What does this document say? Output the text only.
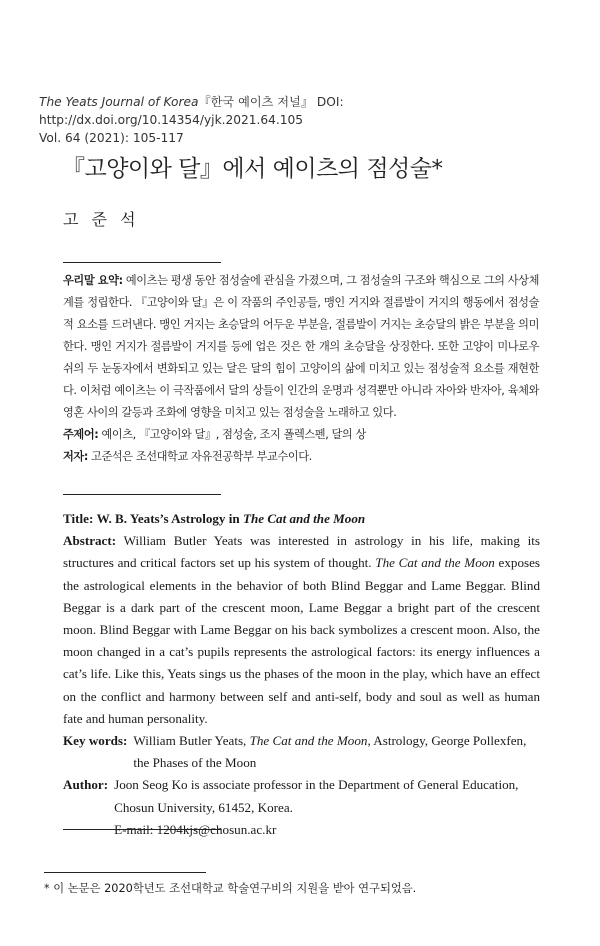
The Yeats Journal of Korea『한국 예이츠 저널』 DOI: http://dx.doi.org/10.14354/yjk.2021.64.105
Vol. 64 (2021): 105-117
『고양이와 달』에서 예이츠의 점성술*
고 준 석

우리말 요약: 예이츠는 평생 동안 점성술에 관심을 가졌으며, 그 점성술의 구조와 핵심으로 그의 사상체계를 정립한다. 『고양이와 달』은 이 작품의 주인공들, 맹인 거지와 절름발이 거지의 행동에서 점성술적 요소를 드러낸다. 맹인 거지는 초승달의 어두운 부분을, 절름발이 거지는 초승달의 밝은 부분을 의미한다. 맹인 거지가 절름발이 거지를 등에 업은 것은 한 개의 초승달을 상징한다. 또한 고양이 미나로우쉬의 두 눈동자에서 변화되고 있는 달은 달의 힘이 고양이의 삶에 미치고 있는 점성술적 요소를 재현한다. 이처럼 예이츠는 이 극작품에서 달의 상들이 인간의 운명과 성격뿐만 아니라 자아와 반자아, 육체와 영혼 사이의 갈등과 조화에 영향을 미치고 있는 점성술을 노래하고 있다.

주제어: 예이츠, 『고양이와 달』, 점성술, 조지 폴렉스펜, 달의 상

저자: 고준석은 조선대학교 자유전공학부 부교수이다.

Title: W. B. Yeats’s Astrology in The Cat and the Moon

Abstract: William Butler Yeats was interested in astrology in his life, making its structures and critical factors set up his system of thought. The Cat and the Moon exposes the astrological elements in the behavior of both Blind Beggar and Lame Beggar. Blind Beggar is a dark part of the crescent moon, Lame Beggar a bright part of the crescent moon. Blind Beggar with Lame Beggar on his back symbolizes a crescent moon. Also, the moon changed in a cat’s pupils represents the astrological factors: its energy influences a cat’s life. Like this, Yeats sings us the phases of the moon in the play, which have an effect on the conflict and harmony between self and anti-self, body and soul as well as human fate and human personality.

Key words: William Butler Yeats, The Cat and the Moon, Astrology, George Pollexfen, the Phases of the Moon
Author: Joon Seog Ko is associate professor in the Department of General Education, Chosun University, 61452, Korea.
E-mail: 1204kjs@chosun.ac.kr
* 이 논문은 2020학년도 조선대학교 학술연구비의 지원을 받아 연구되었음.
